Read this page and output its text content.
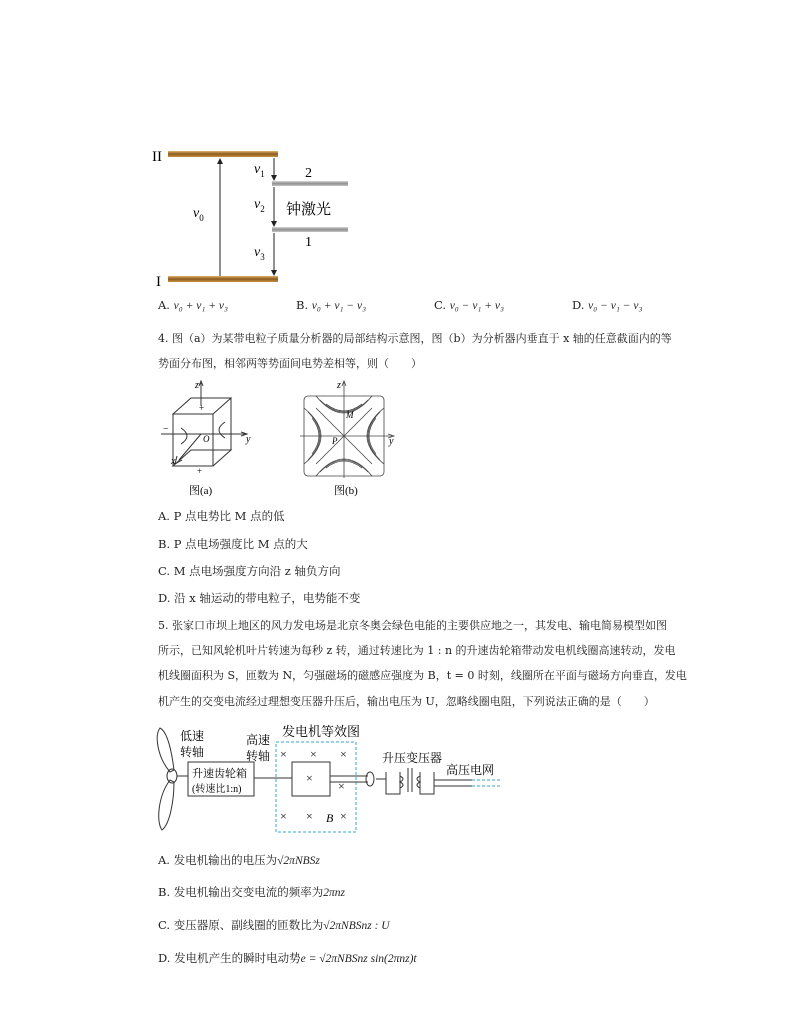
II
I
$v_0$
$v_1$
$v_2$
$v_3$
2
1
钟激光
A. v₀ + v₁ + v₃	B. v₀ + v₁ − v₃	C. v₀ − v₁ + v₃	D. v₀ − v₁ − v₃
4. 图（a）为某带电粒子质量分析器的局部结构示意图，图（b）为分析器内垂直于 x 轴的任意截面内的等
势面分布图，相邻两等势面间电势差相等，则（　　）
+
−
+
z
y
x
O
图(a)
z
y
M
P
图(b)
A. P 点电势比 M 点的低
B. P 点电场强度比 M 点的大
C. M 点电场强度方向沿 z 轴负方向
D. 沿 x 轴运动的带电粒子，电势能不变
5. 张家口市坝上地区的风力发电场是北京冬奥会绿色电能的主要供应地之一，其发电、输电简易模型如图
所示，已知风轮机叶片转速为每秒 z 转，通过转速比为 1 : n 的升速齿轮箱带动发电机线圈高速转动，发电
机线圈面积为 S，匝数为 N，匀强磁场的磁感应强度为 B，t = 0 时刻，线圈所在平面与磁场方向垂直，发电
机产生的交变电流经过理想变压器升压后，输出电压为 U，忽略线圈电阻，下列说法正确的是（　　）
× × ×
×
×
× × ×
B
低速
转轴
高速
转轴
发电机等效图
升速齿轮箱
(转速比1:n)
升压变压器
高压电网
A. 发电机输出的电压为√2πNBSz
B. 发电机输出交变电流的频率为2πnz
C. 变压器原、副线圈的匝数比为√2πNBSnz : U
D. 发电机产生的瞬时电动势e = √2πNBSnz sin(2πnz)t
